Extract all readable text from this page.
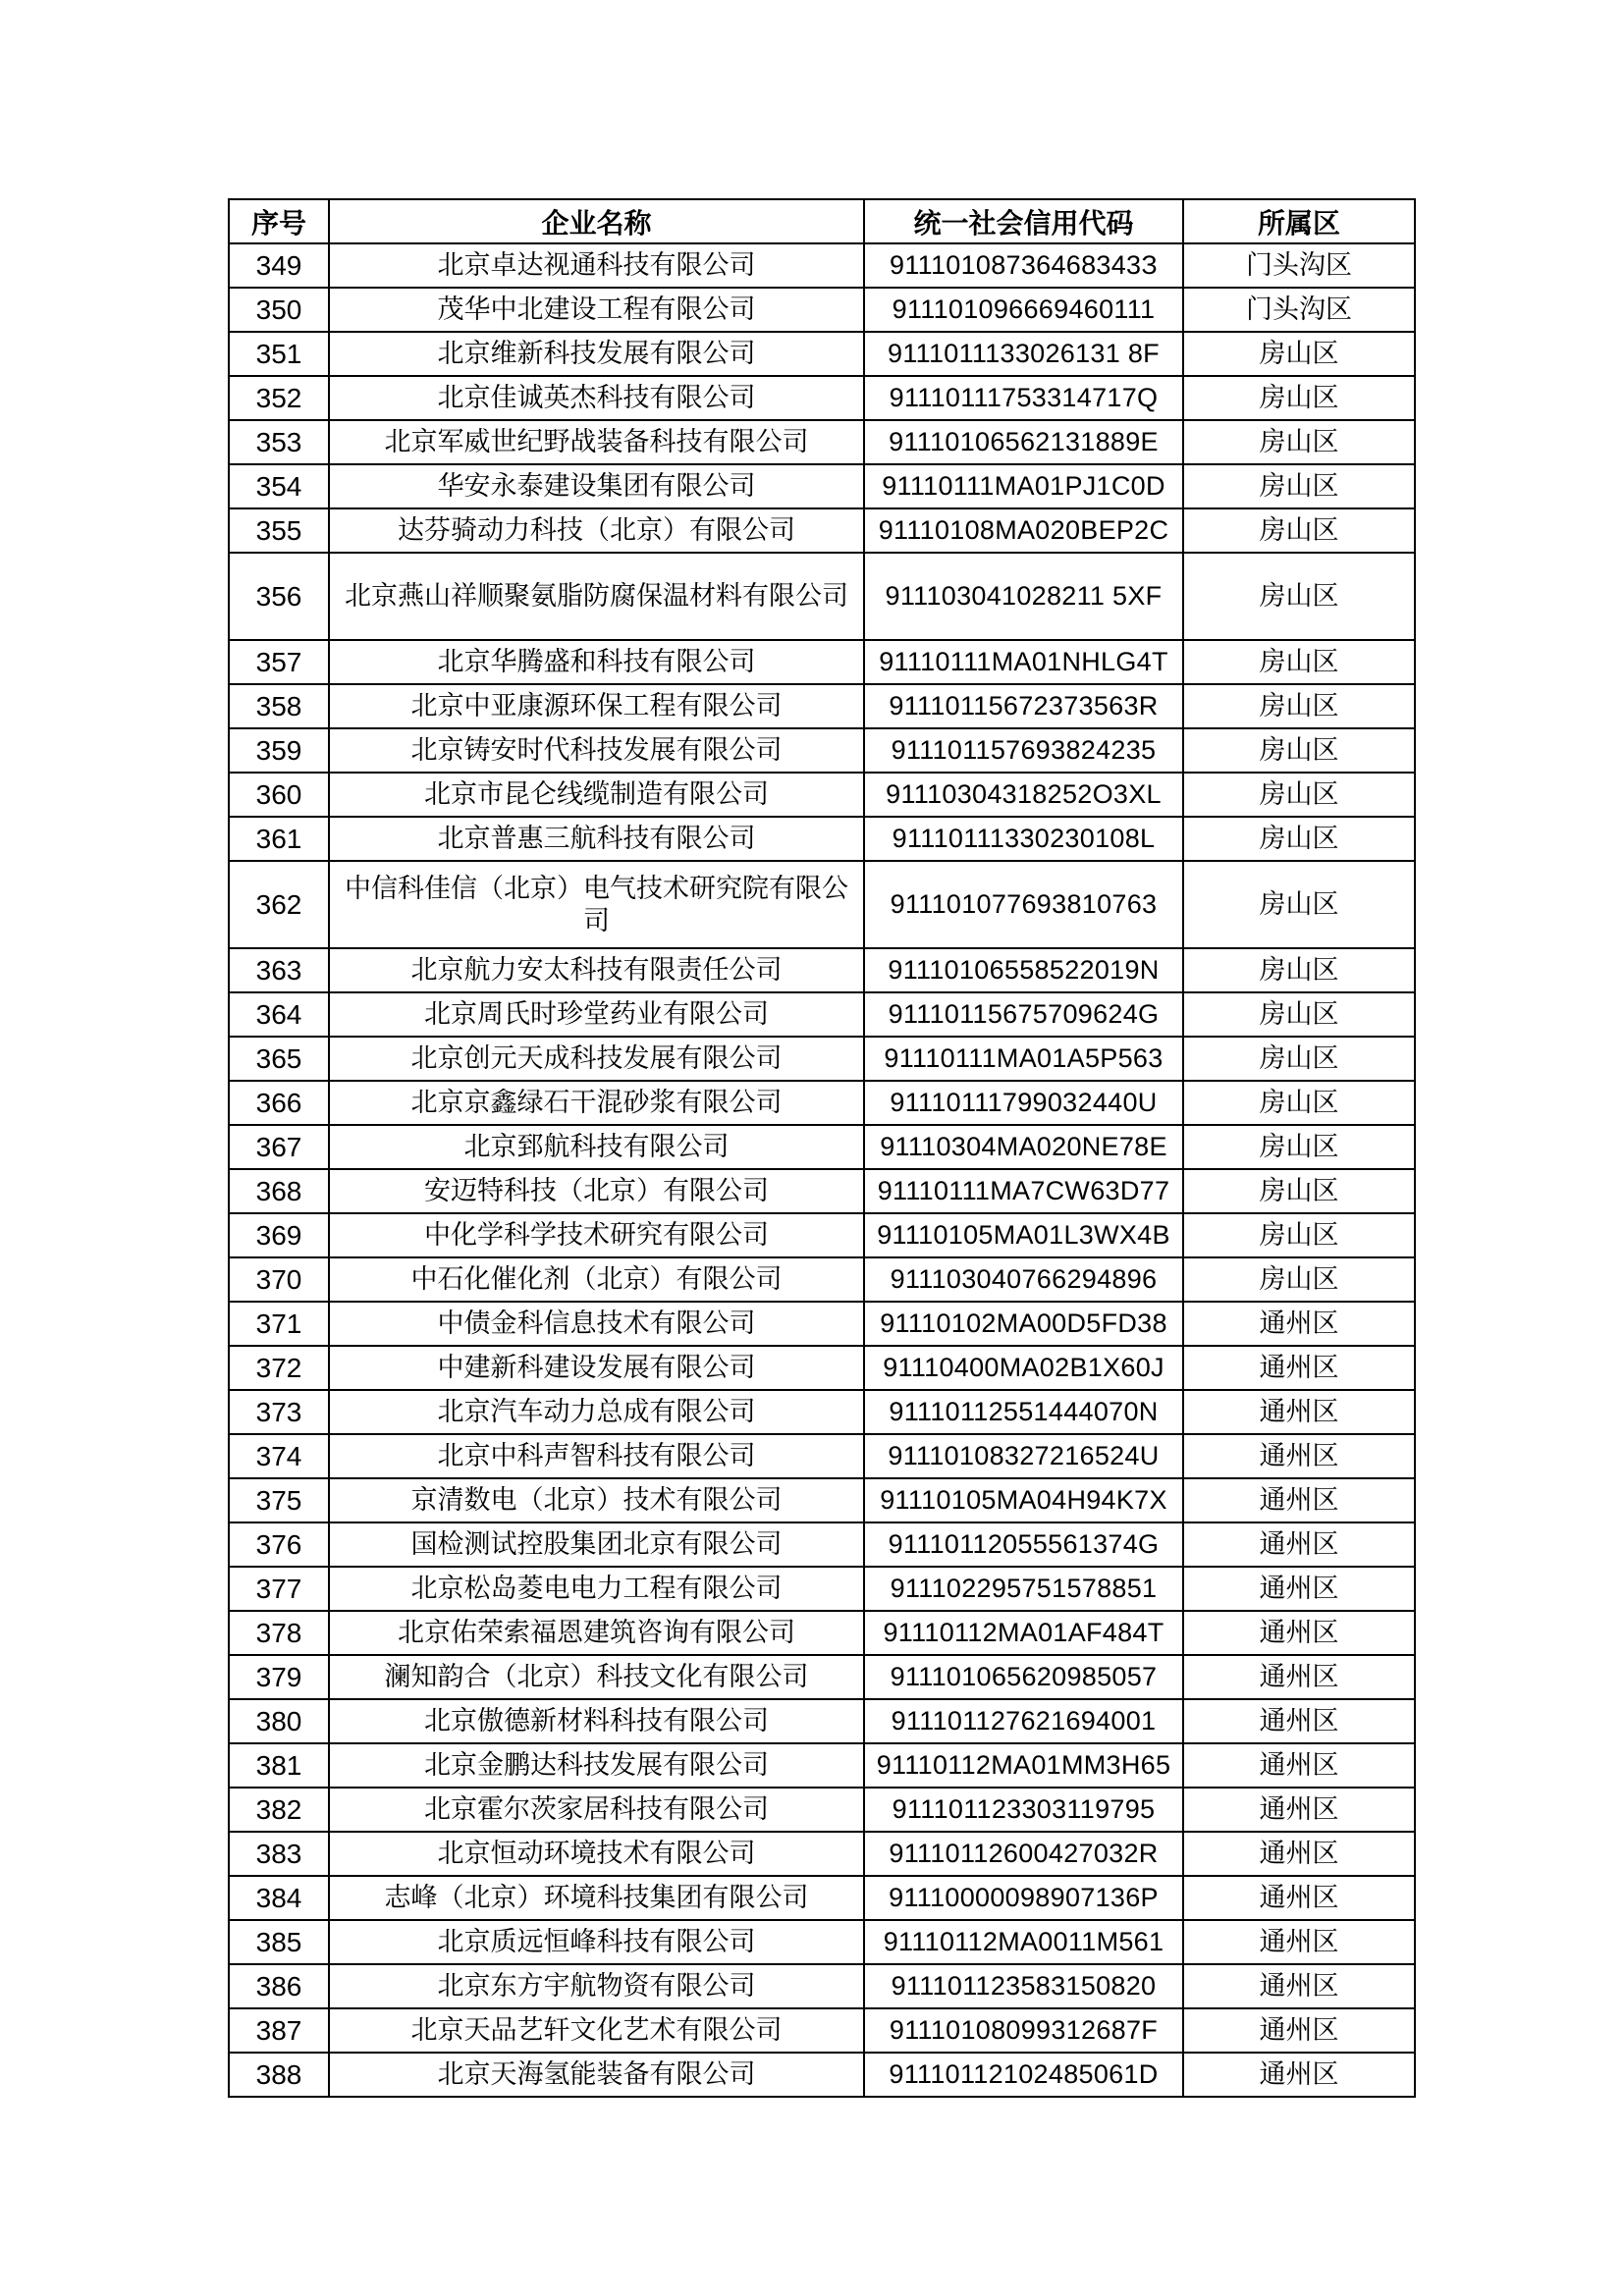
序号	企业名称	统一社会信用代码	所属区
349	北京卓达视通科技有限公司	91110108736468343З	门头沟区
350	茂华中北建设工程有限公司	911101096669460111	门头沟区
351	北京维新科技发展有限公司	9111011133026131 8F	房山区
352	北京佳诚英杰科技有限公司	91110111753314717Q	房山区
353	北京军威世纪野战装备科技有限公司	91110106562131889E	房山区
354	华安永泰建设集团有限公司	91110111MA01PJ1C0D	房山区
355	达芬骑动力科技（北京）有限公司	91110108MA020BEP2C	房山区
356	北京燕山祥顺聚氨脂防腐保温材料有限公司	911103041028211 5XF	房山区
357	北京华腾盛和科技有限公司	91110111MA01NHLG4T	房山区
358	北京中亚康源环保工程有限公司	91110115672373563R	房山区
359	北京铸安时代科技发展有限公司	911101157693824235	房山区
360	北京市昆仑线缆制造有限公司	91110304318252O3XL	房山区
361	北京普惠三航科技有限公司	91110111330230108L	房山区
362	中信科佳信（北京）电气技术研究院有限公司	911101077693810763	房山区
363	北京航力安太科技有限责任公司	91110106558522019N	房山区
364	北京周氏时珍堂药业有限公司	91110115675709624G	房山区
365	北京创元天成科技发展有限公司	91110111MA01A5P563	房山区
366	北京京鑫绿石干混砂浆有限公司	91110111799032440U	房山区
367	北京郅航科技有限公司	91110304MA020NE78E	房山区
368	安迈特科技（北京）有限公司	91110111MA7CW63D77	房山区
369	中化学科学技术研究有限公司	91110105MA01L3WX4B	房山区
370	中石化催化剂（北京）有限公司	911103040766294896	房山区
371	中债金科信息技术有限公司	91110102MA00D5FD38	通州区
372	中建新科建设发展有限公司	91110400MA02B1X60J	通州区
373	北京汽车动力总成有限公司	91110112551444070N	通州区
374	北京中科声智科技有限公司	91110108327216524U	通州区
375	京清数电（北京）技术有限公司	91110105MA04H94K7X	通州区
376	国检测试控股集团北京有限公司	91110112055561374G	通州区
377	北京松岛菱电电力工程有限公司	911102295751578851	通州区
378	北京佑荣索福恩建筑咨询有限公司	91110112MA01AF484T	通州区
379	澜知韵合（北京）科技文化有限公司	911101065620985057	通州区
380	北京傲德新材料科技有限公司	911101127621694001	通州区
381	北京金鹏达科技发展有限公司	91110112MA01MM3H65	通州区
382	北京霍尔茨家居科技有限公司	911101123303119795	通州区
383	北京恒动环境技术有限公司	91110112600427032R	通州区
384	志峰（北京）环境科技集团有限公司	91110000098907136P	通州区
385	北京质远恒峰科技有限公司	91110112MA0011M561	通州区
386	北京东方宇航物资有限公司	911101123583150820	通州区
387	北京天品艺轩文化艺术有限公司	91110108099312687F	通州区
388	北京天海氢能装备有限公司	91110112102485061D	通州区
